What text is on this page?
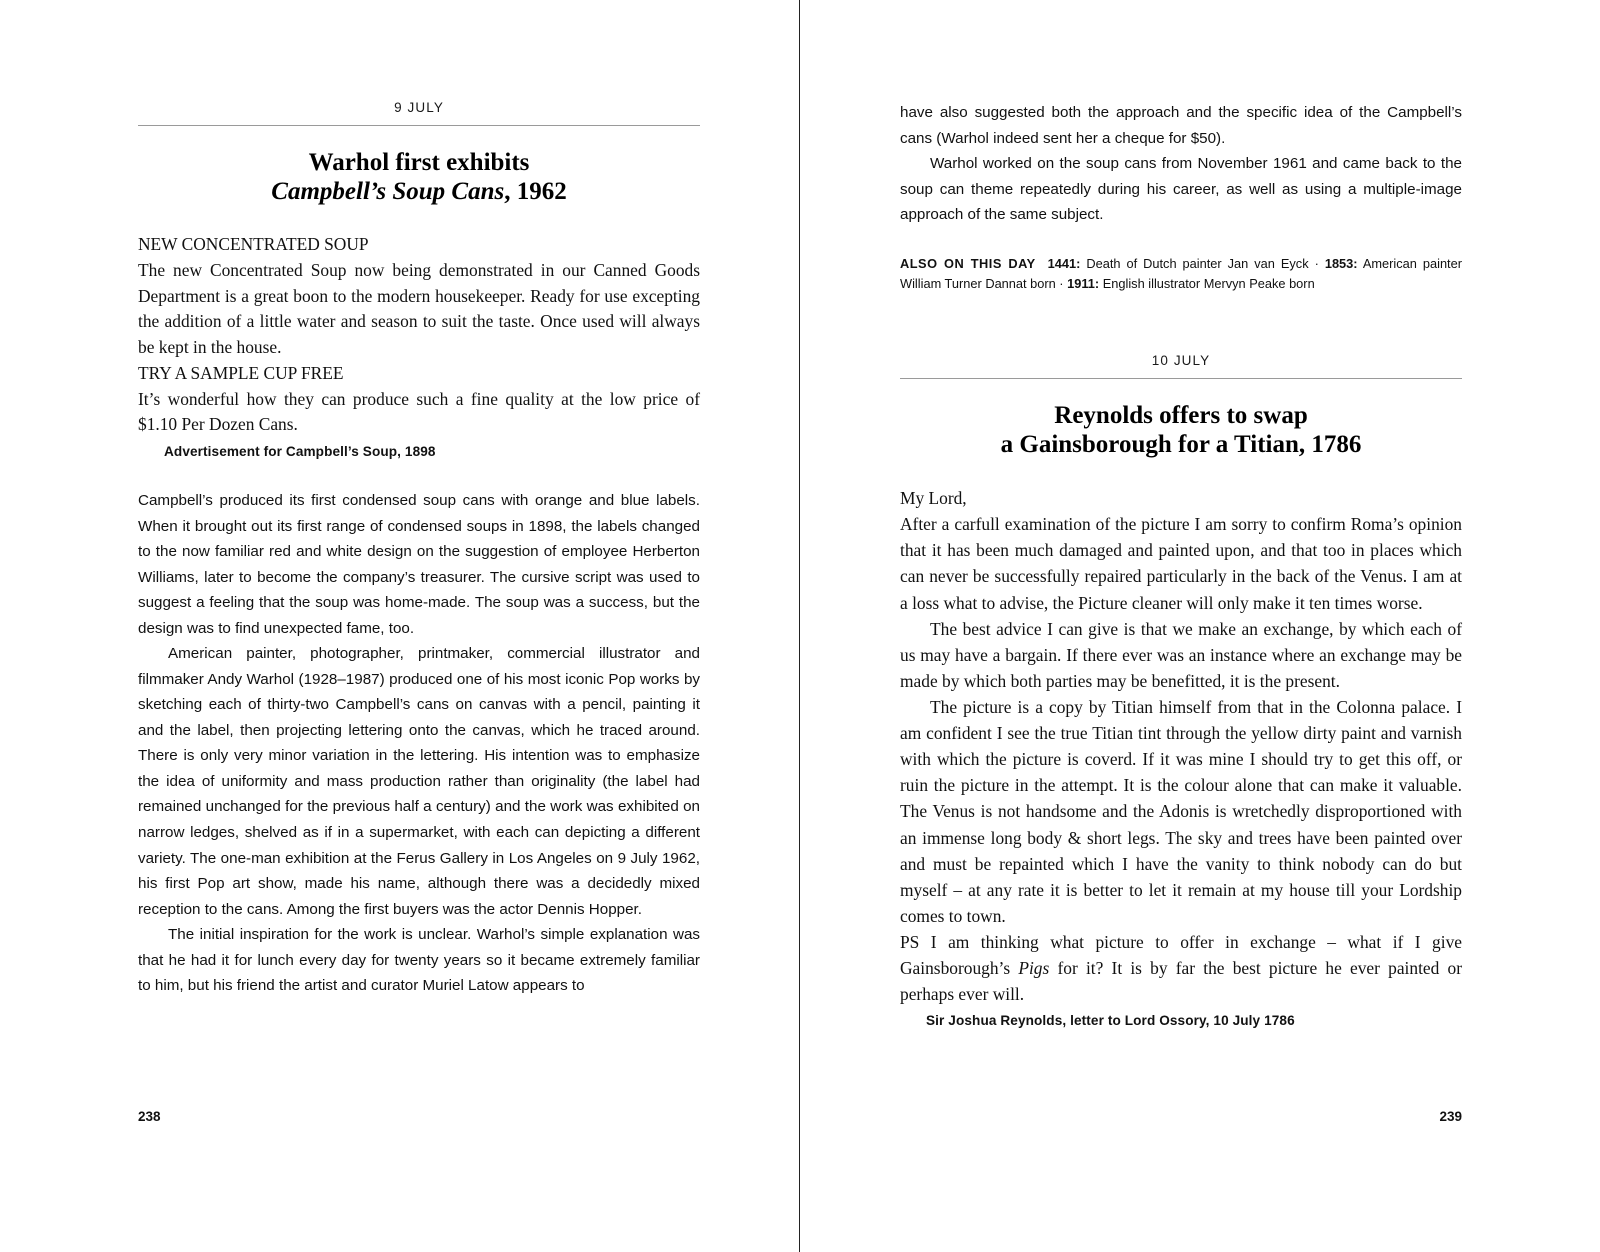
9 JULY
Warhol first exhibits
Campbell’s Soup Cans, 1962

NEW CONCENTRATED SOUP

The new Concentrated Soup now being demonstrated in our Canned Goods Department is a great boon to the modern housekeeper. Ready for use excepting the addition of a little water and season to suit the taste. Once used will always be kept in the house.

TRY A SAMPLE CUP FREE

It’s wonderful how they can produce such a fine quality at the low price of $1.10 Per Dozen Cans.

Advertisement for Campbell’s Soup, 1898

Campbell’s produced its first condensed soup cans with orange and blue labels. When it brought out its first range of condensed soups in 1898, the labels changed to the now familiar red and white design on the suggestion of employee Herberton Williams, later to become the company’s treasurer. The cursive script was used to suggest a feeling that the soup was home-made. The soup was a success, but the design was to find unexpected fame, too.

American painter, photographer, printmaker, commercial illustrator and filmmaker Andy Warhol (1928–1987) produced one of his most iconic Pop works by sketching each of thirty-two Campbell’s cans on canvas with a pencil, painting it and the label, then projecting lettering onto the canvas, which he traced around. There is only very minor variation in the lettering. His intention was to emphasize the idea of uniformity and mass production rather than originality (the label had remained unchanged for the previous half a century) and the work was exhibited on narrow ledges, shelved as if in a supermarket, with each can depicting a different variety. The one-man exhibition at the Ferus Gallery in Los Angeles on 9 July 1962, his first Pop art show, made his name, although there was a decidedly mixed reception to the cans. Among the first buyers was the actor Dennis Hopper.

The initial inspiration for the work is unclear. Warhol’s simple explanation was that he had it for lunch every day for twenty years so it became extremely familiar to him, but his friend the artist and curator Muriel Latow appears to

238

have also suggested both the approach and the specific idea of the Campbell’s cans (Warhol indeed sent her a cheque for $50).

Warhol worked on the soup cans from November 1961 and came back to the soup can theme repeatedly during his career, as well as using a multiple-image approach of the same subject.

ALSO ON THIS DAY 1441: Death of Dutch painter Jan van Eyck · 1853: American painter William Turner Dannat born · 1911: English illustrator Mervyn Peake born
10 JULY
Reynolds offers to swap
a Gainsborough for a Titian, 1786

My Lord,

After a carfull examination of the picture I am sorry to confirm Roma’s opinion that it has been much damaged and painted upon, and that too in places which can never be successfully repaired particularly in the back of the Venus. I am at a loss what to advise, the Picture cleaner will only make it ten times worse.

The best advice I can give is that we make an exchange, by which each of us may have a bargain. If there ever was an instance where an exchange may be made by which both parties may be benefitted, it is the present.

The picture is a copy by Titian himself from that in the Colonna palace. I am confident I see the true Titian tint through the yellow dirty paint and varnish with which the picture is coverd. If it was mine I should try to get this off, or ruin the picture in the attempt. It is the colour alone that can make it valuable. The Venus is not handsome and the Adonis is wretchedly disproportioned with an immense long body & short legs. The sky and trees have been painted over and must be repainted which I have the vanity to think nobody can do but myself – at any rate it is better to let it remain at my house till your Lordship comes to town.

PS I am thinking what picture to offer in exchange – what if I give Gainsborough’s Pigs for it? It is by far the best picture he ever painted or perhaps ever will.

Sir Joshua Reynolds, letter to Lord Ossory, 10 July 1786
239
